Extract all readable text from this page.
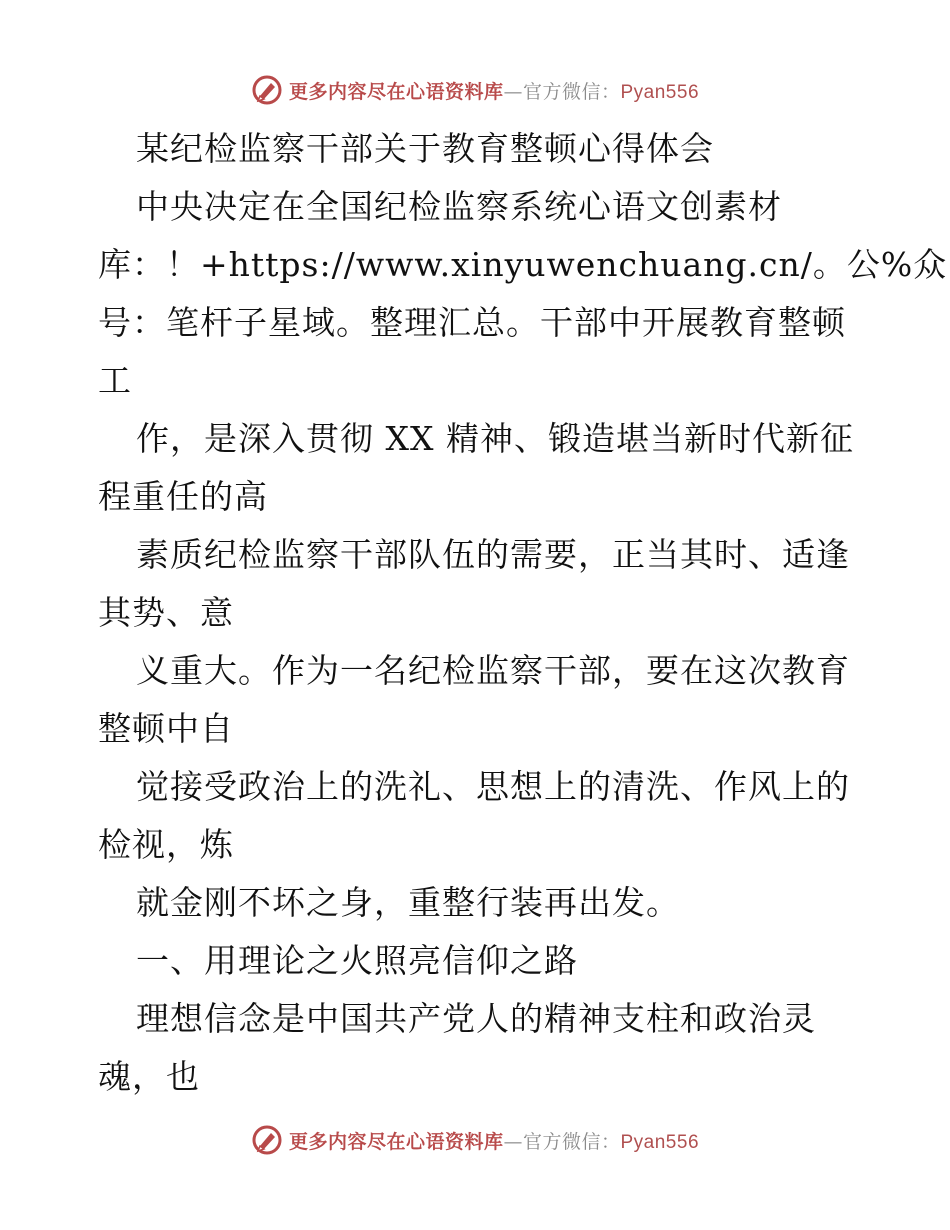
更多内容尽在心语资料库—官方微信：Pyan556
某纪检监察干部关于教育整顿心得体会
中央决定在全国纪检监察系统心语文创素材
库：！+https://www.xinyuwenchuang.cn/。公%众
号：笔杆子星域。整理汇总。干部中开展教育整顿
工
作，是深入贯彻 XX 精神、锻造堪当新时代新征
程重任的高
素质纪检监察干部队伍的需要，正当其时、适逢
其势、意
义重大。作为一名纪检监察干部，要在这次教育
整顿中自
觉接受政治上的洗礼、思想上的清洗、作风上的
检视，炼
就金刚不坏之身，重整行装再出发。
一、用理论之火照亮信仰之路
理想信念是中国共产党人的精神支柱和政治灵
魂，也
更多内容尽在心语资料库—官方微信：Pyan556
